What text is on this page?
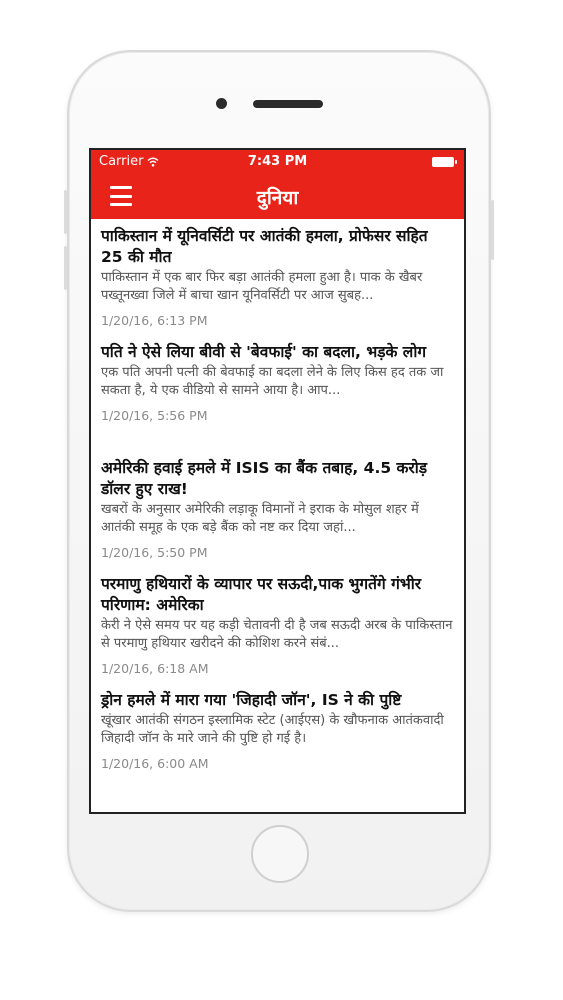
Carrier	7:43 PM
दुनिया
पाकिस्तान में यूनिवर्सिटी पर आतंकी हमला, प्रोफेसर सहित 25 की मौत
पाकिस्तान में एक बार फिर बड़ा आतंकी हमला हुआ है। पाक के खैबर पख्तूनख्वा जिले में बाचा खान यूनिवर्सिटी पर आज सुबह...
1/20/16, 6:13 PM
पति ने ऐसे लिया बीवी से 'बेवफाई' का बदला, भड़के लोग
एक पति अपनी पत्नी की बेवफाई का बदला लेने के लिए किस हद तक जा सकता है, ये एक वीडियो से सामने आया है। आप...
1/20/16, 5:56 PM
अमेरिकी हवाई हमले में ISIS का बैंक तबाह, 4.5 करोड़ डॉलर हुए राख!
खबरों के अनुसार अमेरिकी लड़ाकू विमानों ने इराक के मोसुल शहर में आतंकी समूह के एक बड़े बैंक को नष्ट कर दिया जहां...
1/20/16, 5:50 PM
परमाणु हथियारों के व्यापार पर सऊदी,पाक भुगतेंगे गंभीर परिणाम: अमेरिका
केरी ने ऐसे समय पर यह कड़ी चेतावनी दी है जब सऊदी अरब के पाकिस्तान से परमाणु हथियार खरीदने की कोशिश करने संबं...
1/20/16, 6:18 AM
ड्रोन हमले में मारा गया 'जिहादी जॉन', IS ने की पुष्टि
खूंखार आतंकी संगठन इस्लामिक स्टेट (आईएस) के खौफनाक आतंकवादी जिहादी जॉन के मारे जाने की पुष्टि हो गई है।
1/20/16, 6:00 AM
